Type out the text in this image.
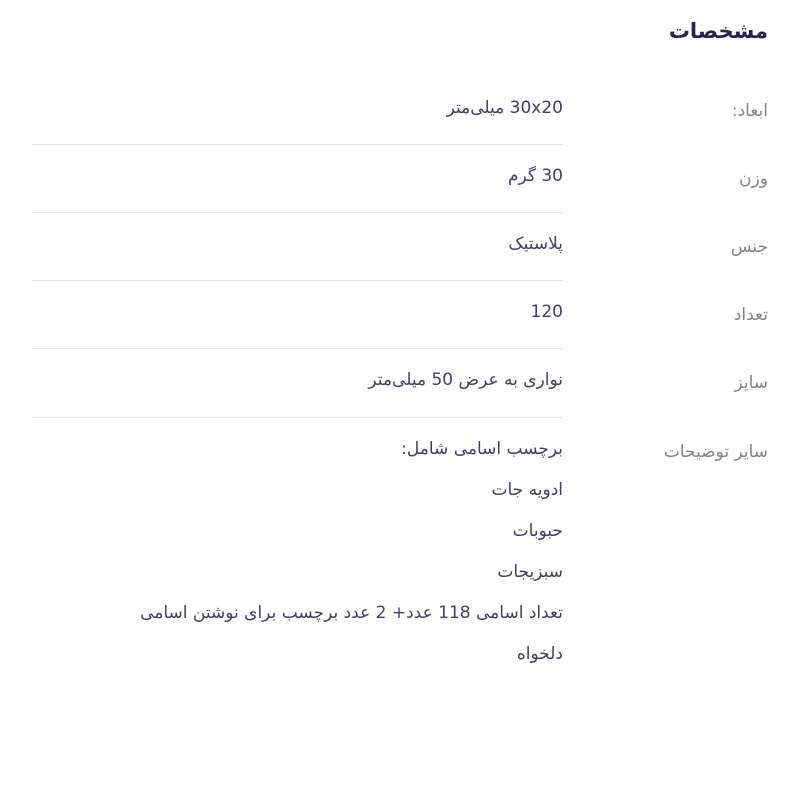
مشخصات
ابعاد:
30x20 میلی‌متر
وزن
30 گرم
جنس
پلاستیک
تعداد
120
سایز
نواری به عرض 50 میلی‌متر
سایر توضیحات
برچسب اسامی شامل:
ادویه جات
حبوبات
سبزیجات
تعداد اسامی 118 عدد+ 2 عدد برچسب برای نوشتن اسامی
دلخواه
